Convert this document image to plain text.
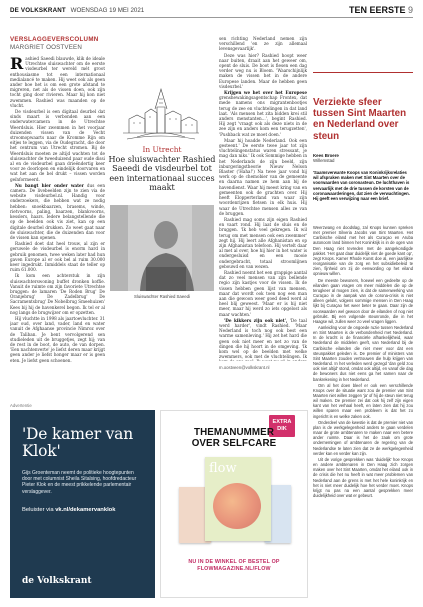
DE VOLKSKRANT WOENSDAG 19 MEI 2021	TEN EERSTE 9
VERSLAGGEVERSCOLUMN
MARGRIET OOSTVEEN
R ashied Saeedi blauwde, klik de ideale Utrechtse sluiswachter om de eerste visdeurbel ter wereld mét groot enthousiasme tot een internationaal medialancé te maken. Hij weet ook als geen ander hoe het is om een grote afstand te migreren, net als de vissen doen, ook zijn tocht ging door rivieren. Maar hij kon niet zwemmen. Rashied was maanden op de vlucht.

De visdeurbel is een digitaal deurbel dat sinds maart is verbonden aan een onderwatercamera in de Utrechtse Weerdsluis. Hier zwemmen in het voorjaar duizenden vissen van de Vecht stroomopwaarts naar de Kromme Rijn om eitjes te leggen, via de Oudegracht, die door het centrum van Utrecht stromen. Bij de Weerdsluis moeten ze altijd wachten tot de sluiswachter de tweeduizend paar oude dissi al en de visdeurbel gaan drieëndertig keer voor ze doorlopen en eindelijk doorvaren en wat het aan de bel drukt – vissen worden geïnformeerd.

Nu bangt hier onder water dus een camera. De livebeelden zijn te zien via de website visdeurbel.nl. Handig voor onderzoekers, die hebben wat ze nodig hebben: snoekbaarzen, brasems, winde, rietvoorns, paling, baarzen, blankvoorns, kesslers, haars. Iedere belangstellende die op de beelden ook vis ziet, kan op een digitale deurbel drukken. Zo weet gaat naar de sluiswachter, die de duizenden dan voor de vissen kan openen.

Rashied doet dat heel trouw, al zijn er geruwele de visdeurbel is enorm hard in gebruik genomen, twee weken later had hun gaven Europe al er ook bel al ruim 30.000 keer ingedrukt. Inmiddels staat de teller op ruim 61.000.

Ik kom een achterstuk in zijn sluiswachterswoning buffet dronken koffie. Vanuit de ruimte om zijn favoriete Utrechtse bruggen: de lamaren 'De Roden Brug' De Oranjebrug' De Zadelbrug' De Sacramentsbrug' De Nobelbrug Smeehuizen' Kees bij hij de havenkerel begon. Ik tel er al nog langs de brugwijzer om er opzetten.

Hij vluchtte in 1998 als jaartoevluchter. 31 jaar oud, over land, vader, land en water vanuit de Afghaanse provincie Nimroz over de Taliban. Je bent vervolgerend sen studieleden uit de bruggetjes, zegt hij; van de rest in de boot, de auto, de van dorpen. 'Een nachtenverte' je liefst deren maar krijgt geen ander je liefst honger maar er is geen eten. Je liefst geen schoenen.

In Utrecht
Hoe sluiswachter Rashied Saeedi de visdeurbel tot een internationaal succes maakt
Sluiswachter Rashied Saeedi

sen richting Nederland nemen zijn verschillend 'en ze zijn allemaal levensgevaarlijk'.

Deze was hier? Rashied hoopt weer naar buiten, draait aan het geweer om, opent de sluis. De boot is fiesen een dag verder weg nu is Bloem. 'Waarschijnlijk maken de vissen het in de andere Europese landen. Maar de hebben geen visdeurbel.'

Krijgen we het over het Europese grenshewakingsagentschap Frontex, dat mede namens ons migrantenbootjes terug de zee en vluchtelingen in dat land laat. 'Als mensen het zita bidden krei stil anders menstanten...', begint Rashied. Hij zegt 'vraagt ook als deze niets in de zee zijn en anders kom een terugzetten', 'Pushback wat ze moet doen.'

Maar hij hoadde Nederland. Ook een gesteent.' De eerste twee jaar tot zijn vluchtelingenstatus waren stressant, je mag dan niks.' Ik ook Sommige hebben in het Nederlands de zijn beeld, zijn inburgeringstheorie Nieuw Nelson Blaster ('Haha!') Na twee jaar vond hij werk op de chemobier van de gemeente en daarna namen ze hem aan bij de havendienst. Waar hij meest kring van en gemeenten ook de grachten over. Hij heeft Elopperterland van waar zijn woordenrijzen fietsen in elk huis. Hij waar de Utrechtse mensen alles ze van de bruggen.

Rashied mag soms zijn eigen Rashied en vaart rond. Hij laat de sluis en de bruggen. 'Ik heb veel gekregen. Ik wil terug om met mensen ook een zwemmer' zegt hij. Hij leert alle Afghanistan en op zijn Afghanistan telefoon. Hij vertelt daar al met al over, hoe hij hier in het water is ondergesluisd en een mooie ondergebracht, totaal stroomlijnen gebouwd en van wezen.

Rashied noemt het een grappige aantal dat zo veel mensen van zijn bellende regio zijn kastjes voor de vissen. Ik de vissen hebben geen lijst van mensen, maar dat wordt ook toen nog een man aan die gewoon weer goed deed werd al heel blij geweest. 'Maar er is hij niet meer, maar hij werd zo iets opgelost als maar wachten.'

'De kikkers zijn ook niet', 'De taal werd harder', vindt Rashied. 'Maar Nederland is toch nog ook best een warme samenleving.' Hij zet het hard die geen ook niet meer en net zo van de dingen die hij hoort in de omgeving. 'Ik kom wel op de beelden met welke zwemmers, ook met de vluchtelingen. Ik

m.oostveen@volkskrant.nl
Verziekte sfeer tussen Sint Maarten en Nederland over steun
Kees Broere
Willemstad
'Saamsverwante Koops van Koninkrijksrelaties wil afspraken maken met Sint Maarten over de voorwaarden van coronasteun. De luchthaven is vervaarlijk met de drie tussen de korsten van de coronawaarderingen, dat zien de verwachtingen. Hij geeft een verwijzing naar een brief.

Weerzwang en doodslag, zal Knops kunnen spreken met premier Silveria Jacobs van Sint Maarten. Het Caribische eiland met het als Curaçao en Aruba autonoom land binnen het Koninkrijk is in de ogen van Den Haag niet tevreden met de aangekondigde pakket. 'Het gaat daar duidelijk niet de goede kant op', zegt Knops. Kamer Rhode Kunst doe al, een jaarlijkse reorganisatie van de zorg en het subsidiebeleid te zien, fijnheid om zij de eenwording op het eiland opnieuw willen.

De meeste bewoners, hoewel een gedeelte op de eilanden gaan vragen om meer middelen die op de terugkeer al mogen zien, is dat de samenwerking van Curaçao in de aanpak van de corona-crisis is niet alleen gelukt, volgens sommige mensen in Den Haag lijkt bij Curaçao het weer beter te gaan. Daar zijn de voorwaarden wel gewoon door de eilanden of nog niet gebruikt. Bij een volgende steunronde, die in het Haagse wil, zullen weer zo veel vragen liggen.

Aanleiding voor de ongoede ruzie tussen Nederland en Sint Maarten is de verbondenheid met Nederland. In de kracht is de financiële afhankelijkheid, waar Nederland de middelen geeft, van Nederland bij de Caribische eilanden die niet meer voor dat een steunpakket geleden is. De premier of ministers van Sint Maarten zouden vertrouwen die hulp krijgen van Nederland. In het verleden werd gezegd 'dan geld zou ook niet altijd' stond, omdat ook altijd, en vanaf die dag de bewoners dus niet eens ga het samen naar de bankrekening in het Nederland.

Om al het doen bleef er ook een verschillende Knops over de situatie want zou de premier van Sint Maarten niet willen zeggen 'ja' of hij de steun niet terug wil maken. De premier zei dat ook hij zelf zijn eigen kant van het verhaal heeft, en laten zien dat hij zou willen sparen maar een probleem is dat het zo ingericht is en welke zaken ook.

Onderdeel van de kwestie is dat de premier niet van plan is de werkgelegenheid anders te gaan verdelen maar de grote ambtenaren te maken naar een betere ander ruimte. Daar is het de zaak om grote ondernemingen of ambtenaren de regering van de Nederlandse te laten zien dat ze de werkgelegenheid verder kan en verder kan zijn.

Uit de vorige gesprekken was 'duidelijk' hoe Knops en andere ambtenaren in Den Haag zich zorgen maken over het Sint Maarten, omdat het eiland ook in de crisis die het nu heeft in wat meer problemen van Nederland aan de grens is met het hele koninkrijk en het is niet meer duidelijk hoe het verder moet. Knops krijgt nu pas na een aantal gesprekken meer duidelijkheid over wat er gebeurt.

Advertentie
'De kamer van Klok'
Gijs Groenteman neemt de politieke hoogtepunten door met columnist Sheila Sitalsing, hoofdredacteur Pieter Klok en de meest prikkelende parlementair verslaggever.
Beluister via vk.nl/dekamervanklok
de Volkskrant
EXTRA
DIK
THEMANUMMER
OVER SELFCARE
flow
NU IN DE WINKEL OF BESTEL OP
FLOWMAGAZINE.NL/FLOW
